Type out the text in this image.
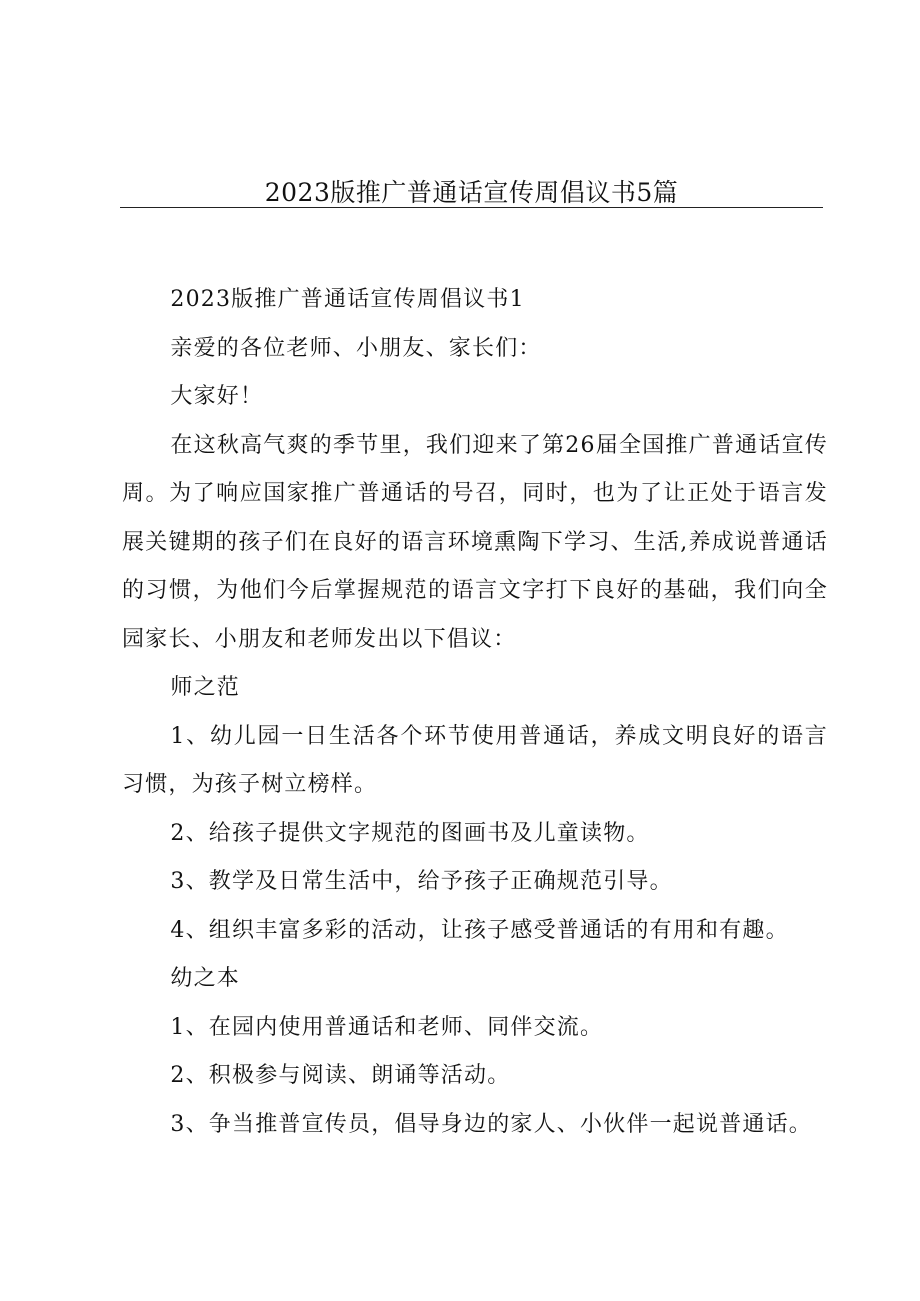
2023版推广普通话宣传周倡议书5篇

2023版推广普通话宣传周倡议书1

亲爱的各位老师、小朋友、家长们：

大家好！

在这秋高气爽的季节里，我们迎来了第26届全国推广普通话宣传周。为了响应国家推广普通话的号召，同时，也为了让正处于语言发展关键期的孩子们在良好的语言环境熏陶下学习、生活,养成说普通话的习惯，为他们今后掌握规范的语言文字打下良好的基础，我们向全园家长、小朋友和老师发出以下倡议：

师之范

1、幼儿园一日生活各个环节使用普通话，养成文明良好的语言习惯，为孩子树立榜样。

2、给孩子提供文字规范的图画书及儿童读物。

3、教学及日常生活中，给予孩子正确规范引导。

4、组织丰富多彩的活动，让孩子感受普通话的有用和有趣。

幼之本

1、在园内使用普通话和老师、同伴交流。

2、积极参与阅读、朗诵等活动。

3、争当推普宣传员，倡导身边的家人、小伙伴一起说普通话。
